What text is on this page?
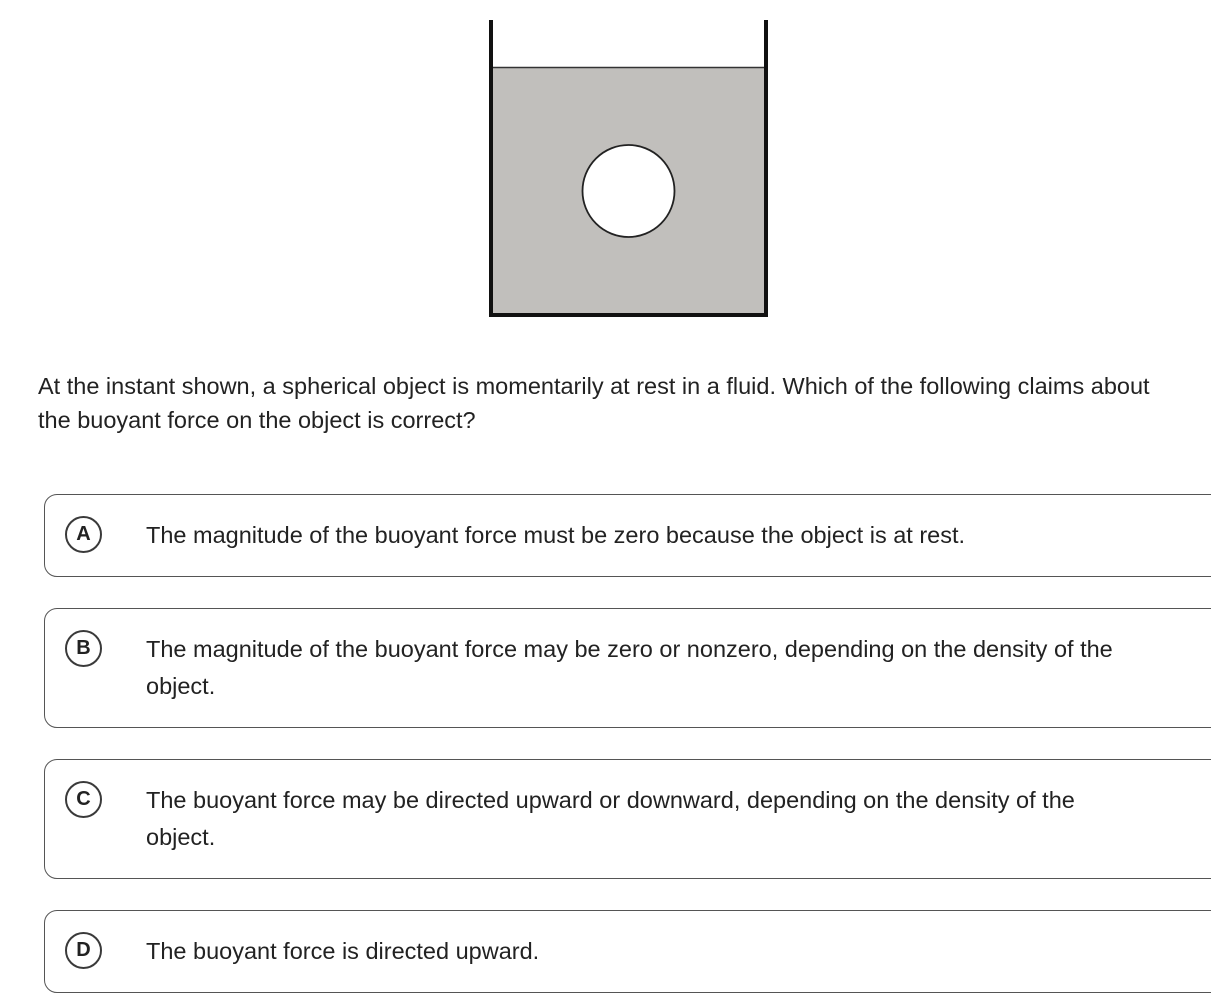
At the instant shown, a spherical object is momentarily at rest in a fluid. Which of the following claims about the buoyant force on the object is correct?

A	The magnitude of the buoyant force must be zero because the object is at rest.
B	The magnitude of the buoyant force may be zero or nonzero, depending on the density of the object.
C	The buoyant force may be directed upward or downward, depending on the density of the object.
D	The buoyant force is directed upward.
